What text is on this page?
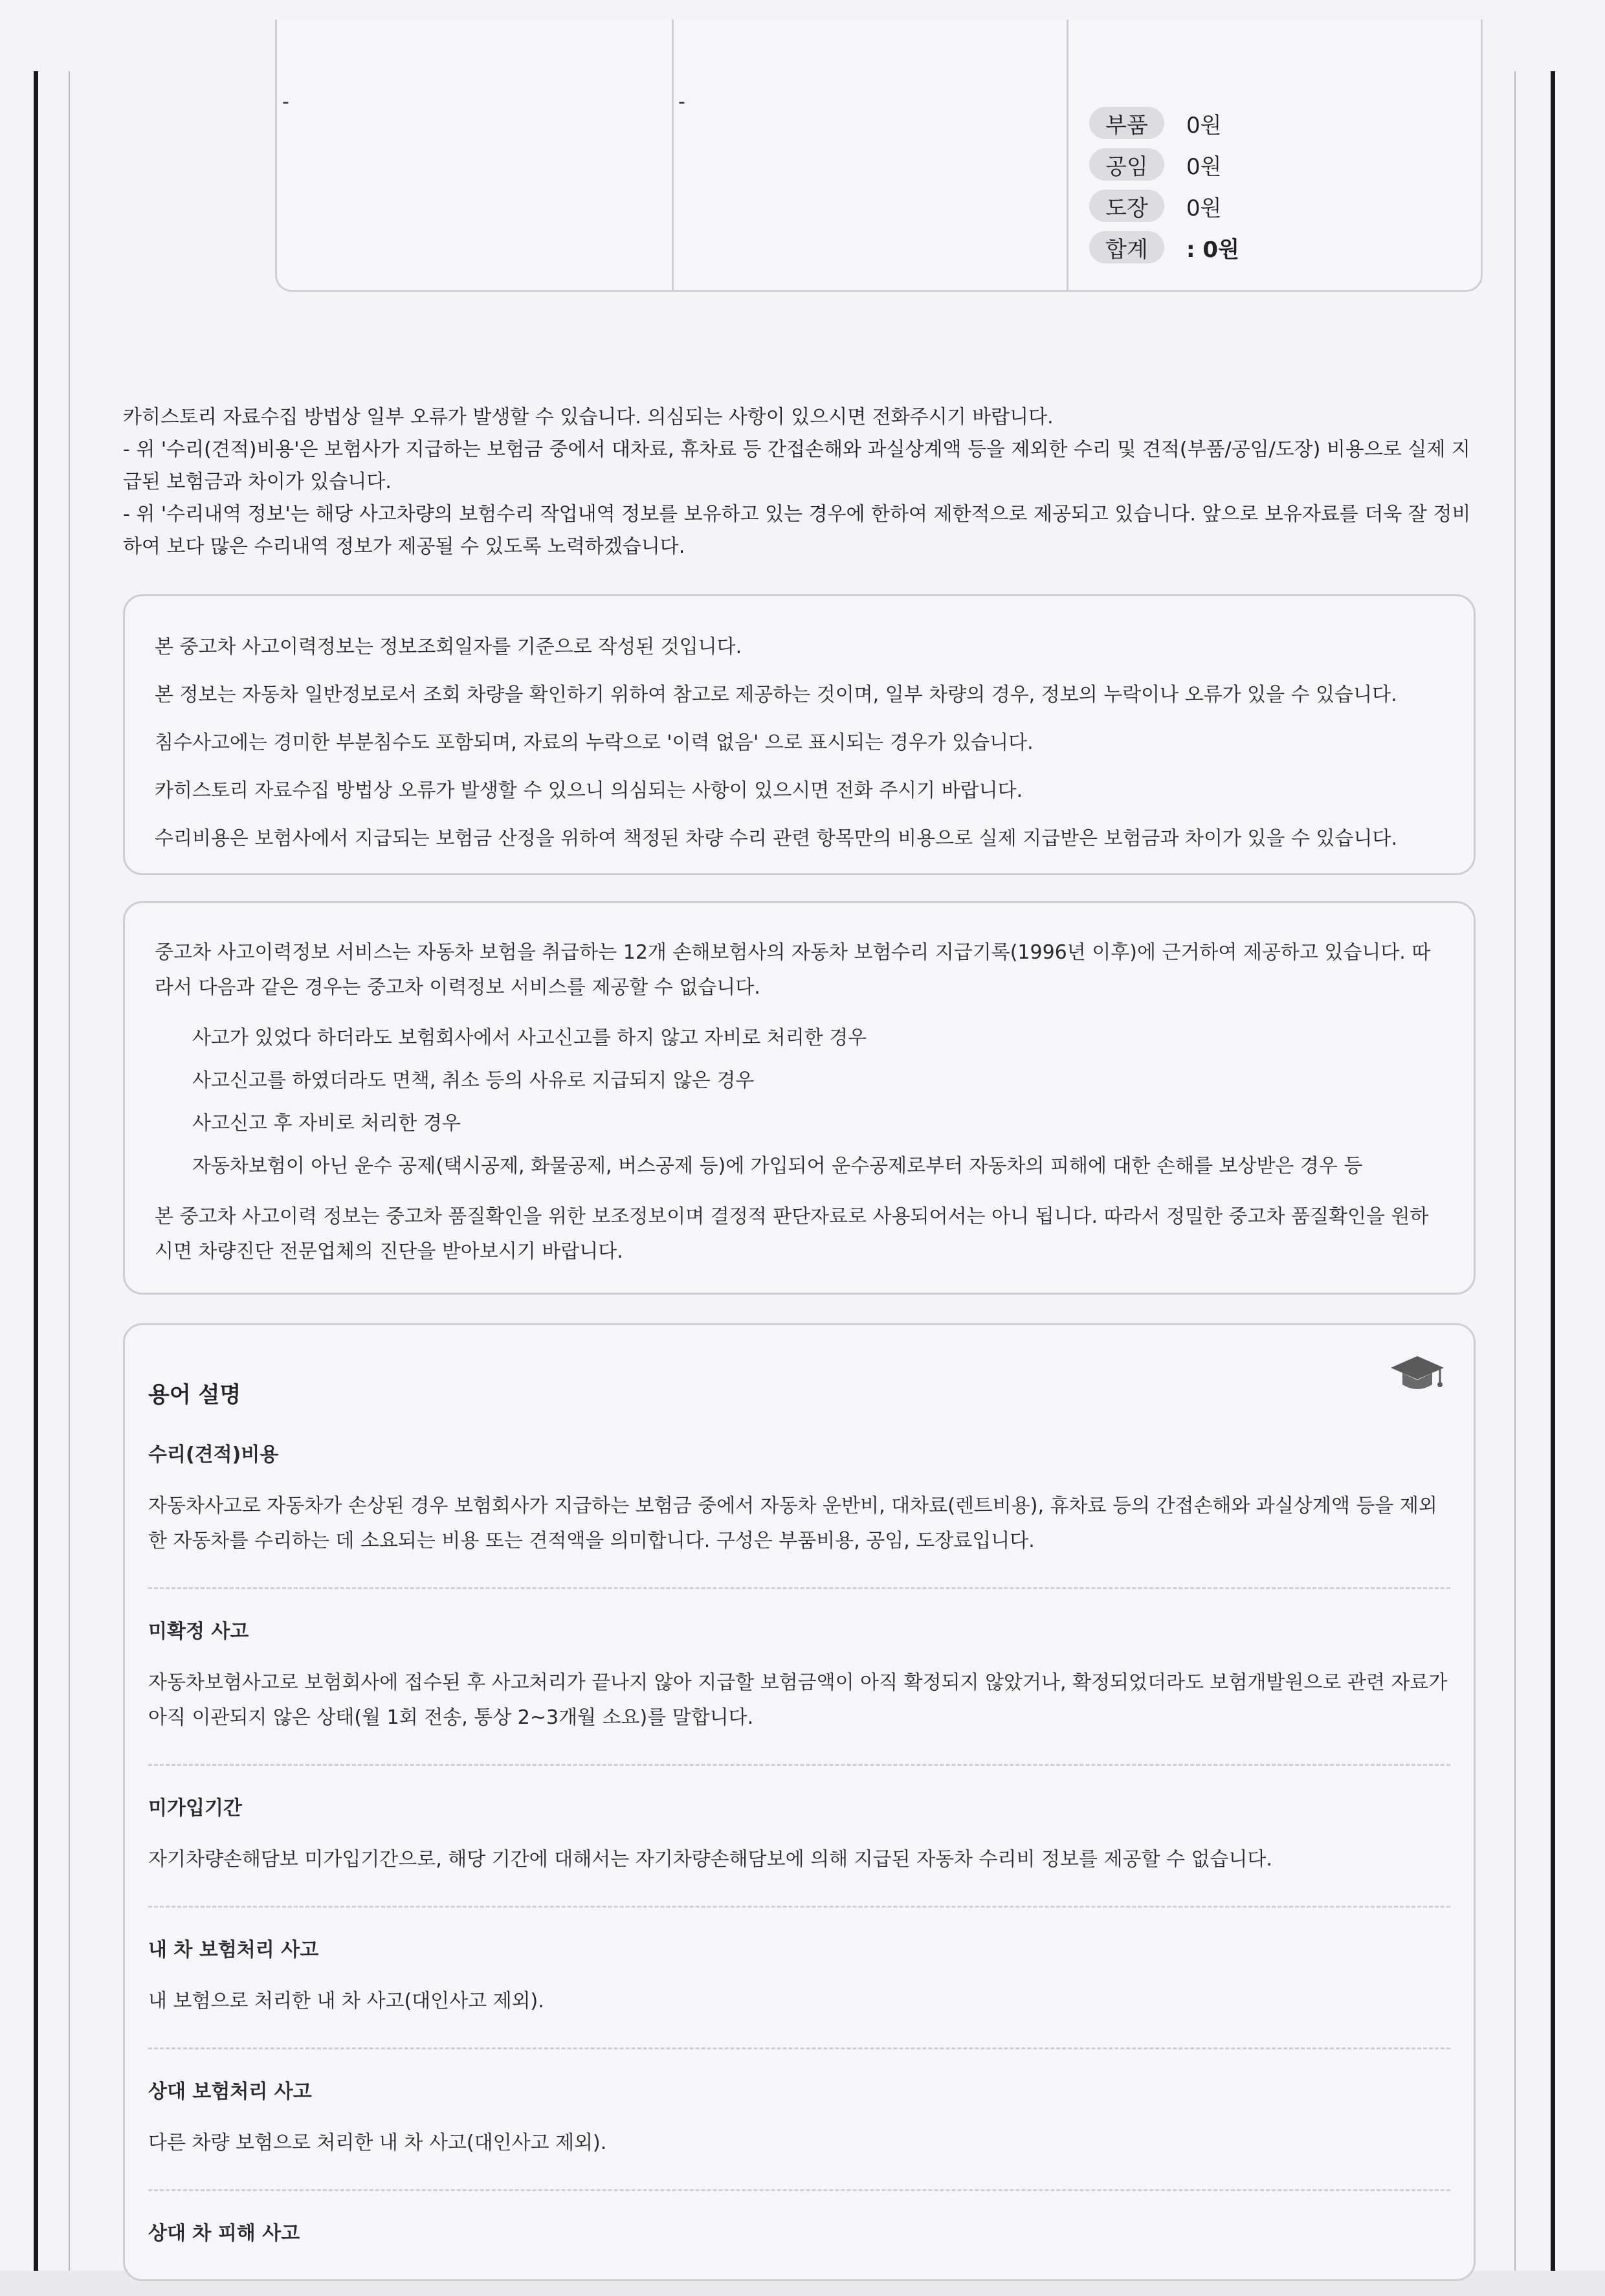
-	-
부품	0원
공임	0원
도장	0원
합계	: 0원

카히스토리 자료수집 방법상 일부 오류가 발생할 수 있습니다. 의심되는 사항이 있으시면 전화주시기 바랍니다.

- 위 '수리(견적)비용'은 보험사가 지급하는 보험금 중에서 대차료, 휴차료 등 간접손해와 과실상계액 등을 제외한 수리 및 견적(부품/공임/도장) 비용으로 실제 지급된 보험금과 차이가 있습니다.

- 위 '수리내역 정보'는 해당 사고차량의 보험수리 작업내역 정보를 보유하고 있는 경우에 한하여 제한적으로 제공되고 있습니다. 앞으로 보유자료를 더욱 잘 정비하여 보다 많은 수리내역 정보가 제공될 수 있도록 노력하겠습니다.

본 중고차 사고이력정보는 정보조회일자를 기준으로 작성된 것입니다.

본 정보는 자동차 일반정보로서 조회 차량을 확인하기 위하여 참고로 제공하는 것이며, 일부 차량의 경우, 정보의 누락이나 오류가 있을 수 있습니다.

침수사고에는 경미한 부분침수도 포함되며, 자료의 누락으로 '이력 없음' 으로 표시되는 경우가 있습니다.

카히스토리 자료수집 방법상 오류가 발생할 수 있으니 의심되는 사항이 있으시면 전화 주시기 바랍니다.

수리비용은 보험사에서 지급되는 보험금 산정을 위하여 책정된 차량 수리 관련 항목만의 비용으로 실제 지급받은 보험금과 차이가 있을 수 있습니다.

중고차 사고이력정보 서비스는 자동차 보험을 취급하는 12개 손해보험사의 자동차 보험수리 지급기록(1996년 이후)에 근거하여 제공하고 있습니다. 따라서 다음과 같은 경우는 중고차 이력정보 서비스를 제공할 수 없습니다.

사고가 있었다 하더라도 보험회사에서 사고신고를 하지 않고 자비로 처리한 경우
사고신고를 하였더라도 면책, 취소 등의 사유로 지급되지 않은 경우
사고신고 후 자비로 처리한 경우
자동차보험이 아닌 운수 공제(택시공제, 화물공제, 버스공제 등)에 가입되어 운수공제로부터 자동차의 피해에 대한 손해를 보상받은 경우 등

본 중고차 사고이력 정보는 중고차 품질확인을 위한 보조정보이며 결정적 판단자료로 사용되어서는 아니 됩니다. 따라서 정밀한 중고차 품질확인을 원하시면 차량진단 전문업체의 진단을 받아보시기 바랍니다.

용어 설명
수리(견적)비용
자동차사고로 자동차가 손상된 경우 보험회사가 지급하는 보험금 중에서 자동차 운반비, 대차료(렌트비용), 휴차료 등의 간접손해와 과실상계액 등을 제외한 자동차를 수리하는 데 소요되는 비용 또는 견적액을 의미합니다. 구성은 부품비용, 공임, 도장료입니다.
미확정 사고
자동차보험사고로 보험회사에 접수된 후 사고처리가 끝나지 않아 지급할 보험금액이 아직 확정되지 않았거나, 확정되었더라도 보험개발원으로 관련 자료가 아직 이관되지 않은 상태(월 1회 전송, 통상 2~3개월 소요)를 말합니다.
미가입기간
자기차량손해담보 미가입기간으로, 해당 기간에 대해서는 자기차량손해담보에 의해 지급된 자동차 수리비 정보를 제공할 수 없습니다.
내 차 보험처리 사고
내 보험으로 처리한 내 차 사고(대인사고 제외).
상대 보험처리 사고
다른 차량 보험으로 처리한 내 차 사고(대인사고 제외).
상대 차 피해 사고
